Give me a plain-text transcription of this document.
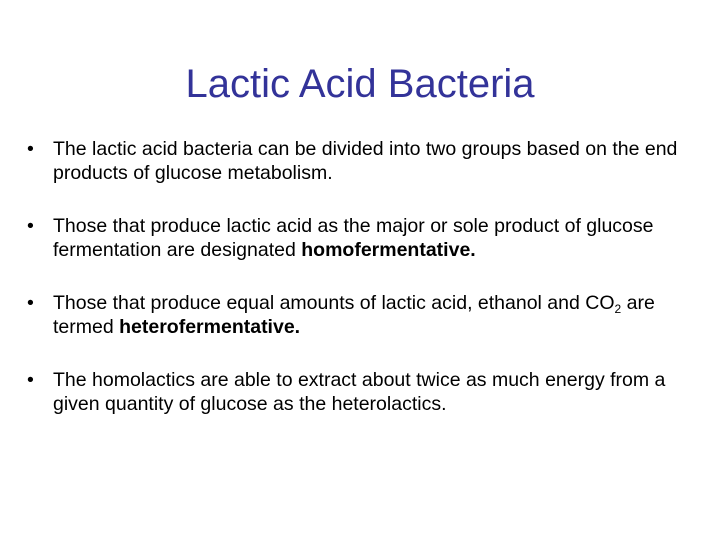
Lactic Acid Bacteria
• The lactic acid bacteria can be divided into two groups based on the end products of glucose metabolism.
• Those that produce lactic acid as the major or sole product of glucose fermentation are designated homofermentative.
• Those that produce equal amounts of lactic acid, ethanol and $CO_2$ are termed heterofermentative.
• The homolactics are able to extract about twice as much energy from a given quantity of glucose as the heterolactics.
